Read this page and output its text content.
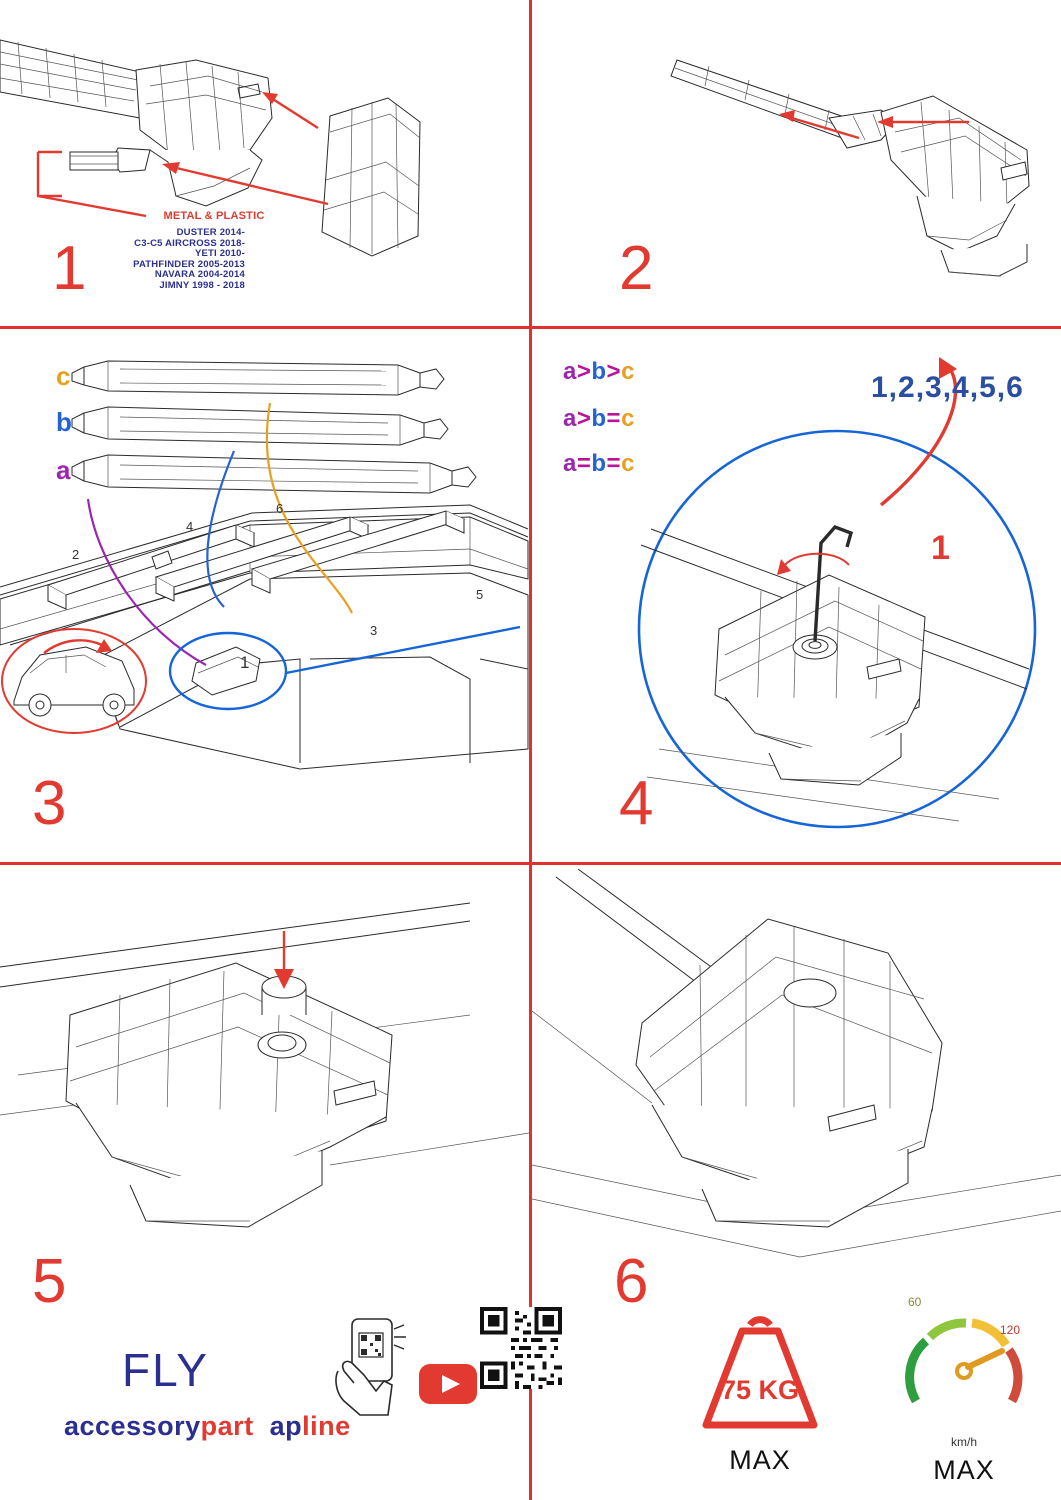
METAL & PLASTIC
DUSTER 2014-
C3-C5 AIRCROSS 2018-
YETI 2010-
PATHFINDER 2005-2013
NAVARA 2004-2014
JIMNY 1998 - 2018
1	2
c
b
a
2
4
6
3
5
1
3
a>b>c
a>b=c
a=b=c
1,2,3,4,5,6
1
4
5
FLY
accessorypart apline
6
75 KG
MAX
60
120
km/h
MAX
